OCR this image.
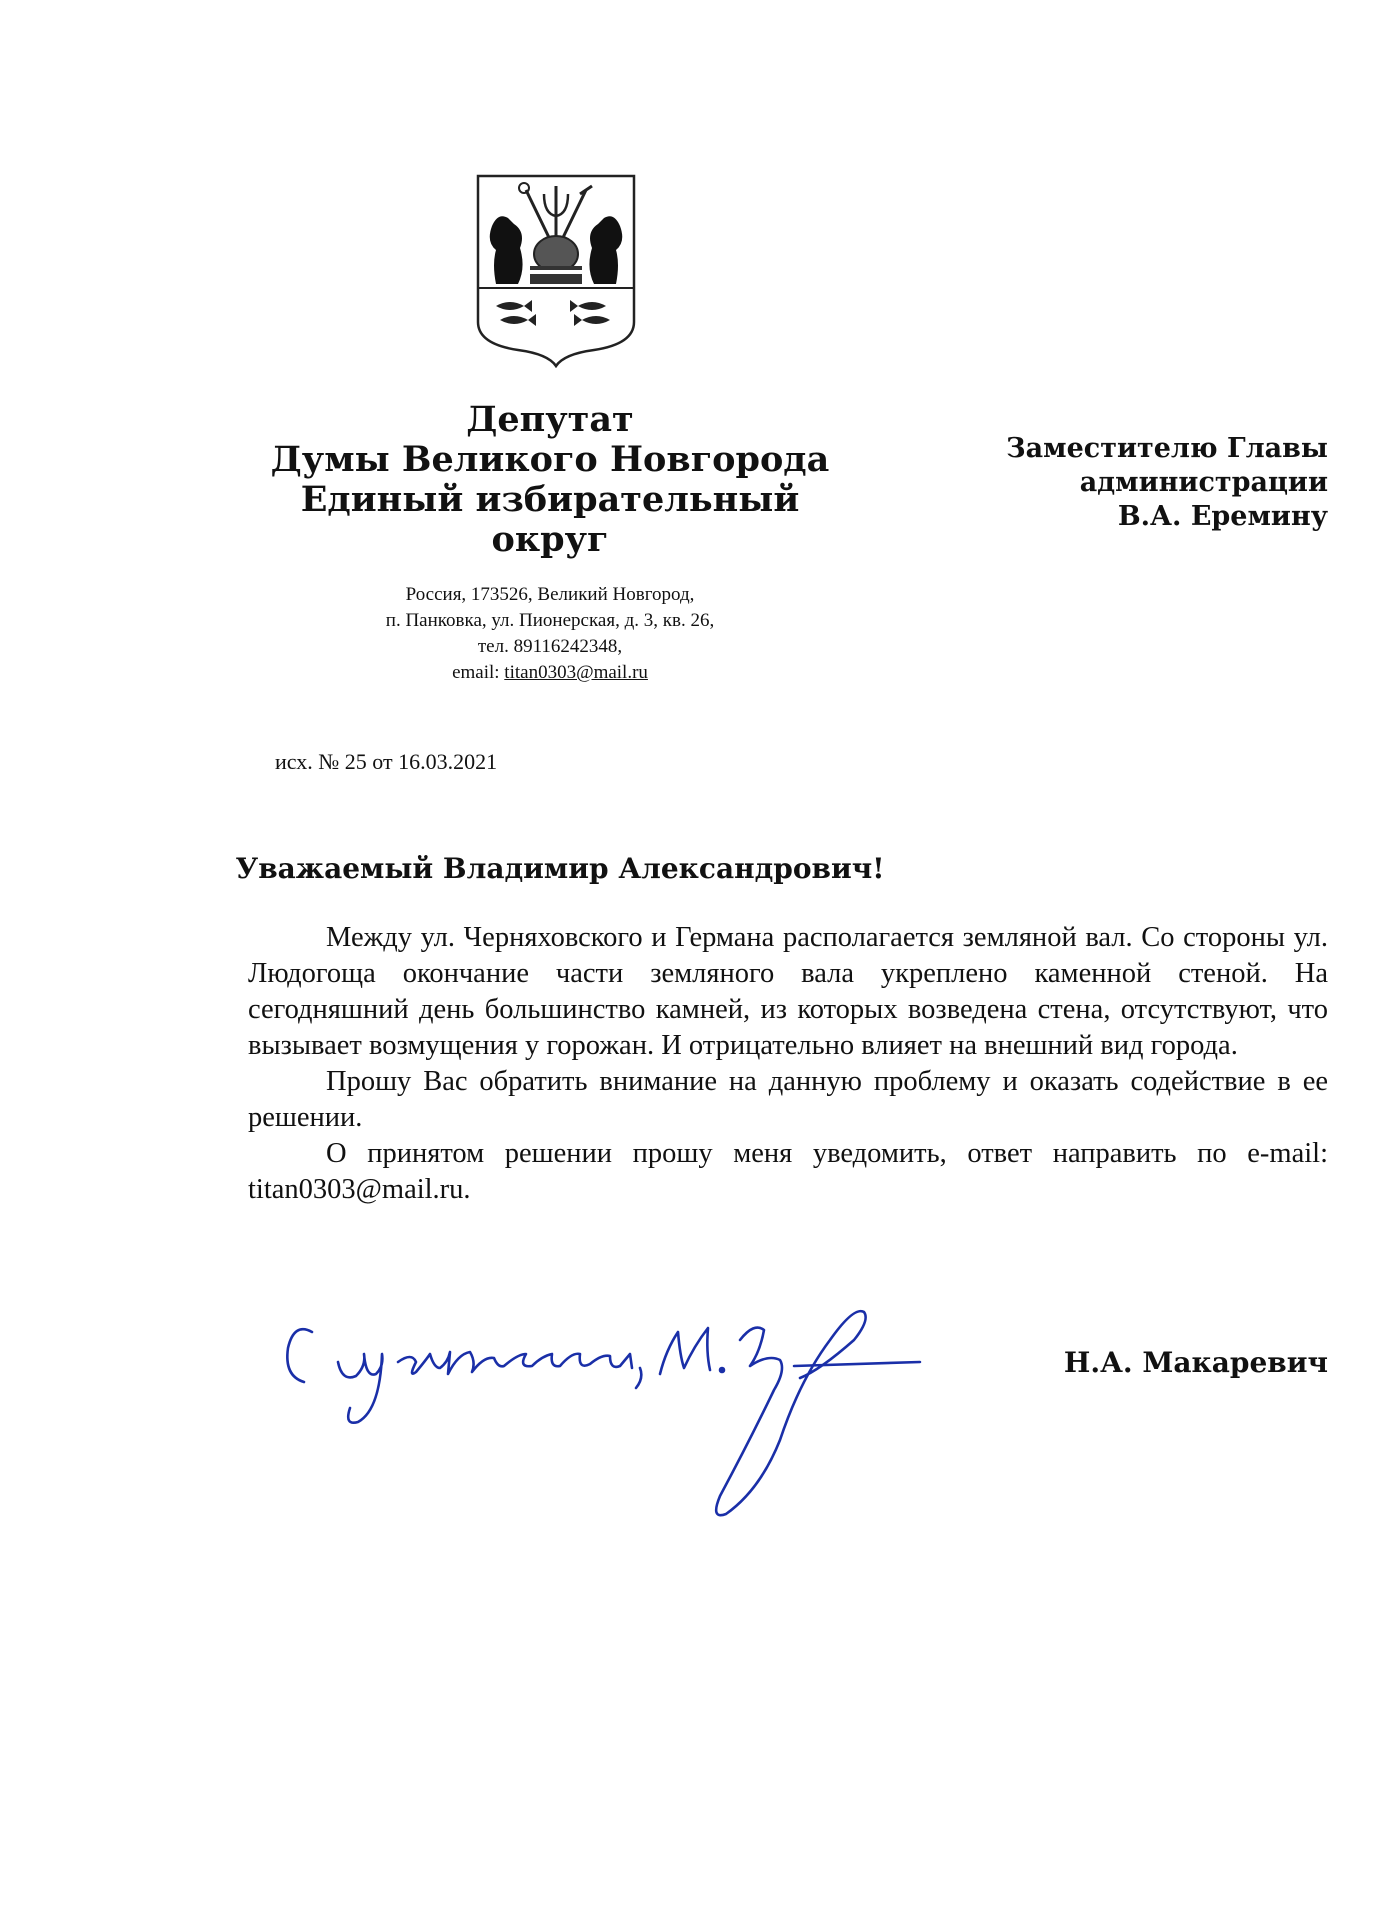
Депутат
Думы Великого Новгорода
Единый избирательный округ
Заместителю Главы
администрации
В.А. Еремину
Россия, 173526, Великий Новгород,
п. Панковка, ул. Пионерская, д. 3, кв. 26,
тел. 89116242348,
email: titan0303@mail.ru
исх. № 25 от 16.03.2021
Уважаемый Владимир Александрович!

Между ул. Черняховского и Германа располагается земляной вал. Со стороны ул. Людогоща окончание части земляного вала укреплено каменной стеной. На сегодняшний день большинство камней, из которых возведена стена, отсутствуют, что вызывает возмущения у горожан. И отрицательно влияет на внешний вид города.

Прошу Вас обратить внимание на данную проблему и оказать содействие в ее решении.

О принятом решении прошу меня уведомить, ответ направить по e-mail: titan0303@mail.ru.

Н.А. Макаревич
